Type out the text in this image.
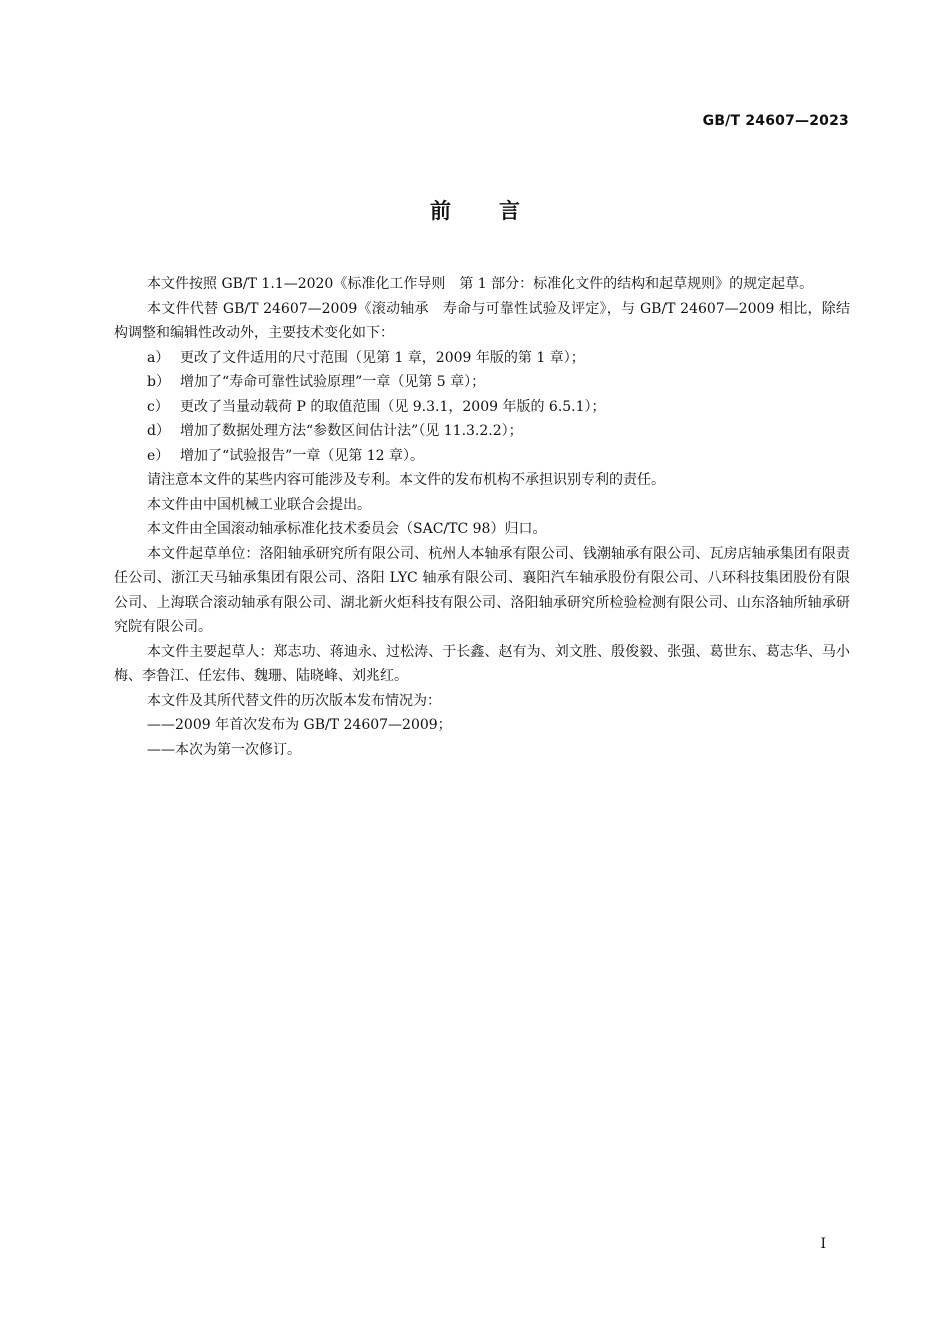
GB/T 24607—2023
前言

本文件按照 GB/T 1.1—2020《标准化工作导则　第 1 部分：标准化文件的结构和起草规则》的规定起草。

本文件代替 GB/T 24607—2009《滚动轴承　寿命与可靠性试验及评定》，与 GB/T 24607—2009 相比，除结构调整和编辑性改动外，主要技术变化如下：

a） 更改了文件适用的尺寸范围（见第 1 章，2009 年版的第 1 章）；

b） 增加了“寿命可靠性试验原理”一章（见第 5 章）；

c） 更改了当量动载荷 P 的取值范围（见 9.3.1，2009 年版的 6.5.1）；

d） 增加了数据处理方法“参数区间估计法”（见 11.3.2.2）；

e） 增加了“试验报告”一章（见第 12 章）。

请注意本文件的某些内容可能涉及专利。本文件的发布机构不承担识别专利的责任。

本文件由中国机械工业联合会提出。

本文件由全国滚动轴承标准化技术委员会（SAC/TC 98）归口。

本文件起草单位：洛阳轴承研究所有限公司、杭州人本轴承有限公司、钱潮轴承有限公司、瓦房店轴承集团有限责任公司、浙江天马轴承集团有限公司、洛阳 LYC 轴承有限公司、襄阳汽车轴承股份有限公司、八环科技集团股份有限公司、上海联合滚动轴承有限公司、湖北新火炬科技有限公司、洛阳轴承研究所检验检测有限公司、山东洛轴所轴承研究院有限公司。

本文件主要起草人：郑志功、蒋迪永、过松涛、于长鑫、赵有为、刘文胜、殷俊毅、张强、葛世东、葛志华、马小梅、李鲁江、任宏伟、魏珊、陆晓峰、刘兆红。

本文件及其所代替文件的历次版本发布情况为：

——2009 年首次发布为 GB/T 24607—2009；

——本次为第一次修订。

I
